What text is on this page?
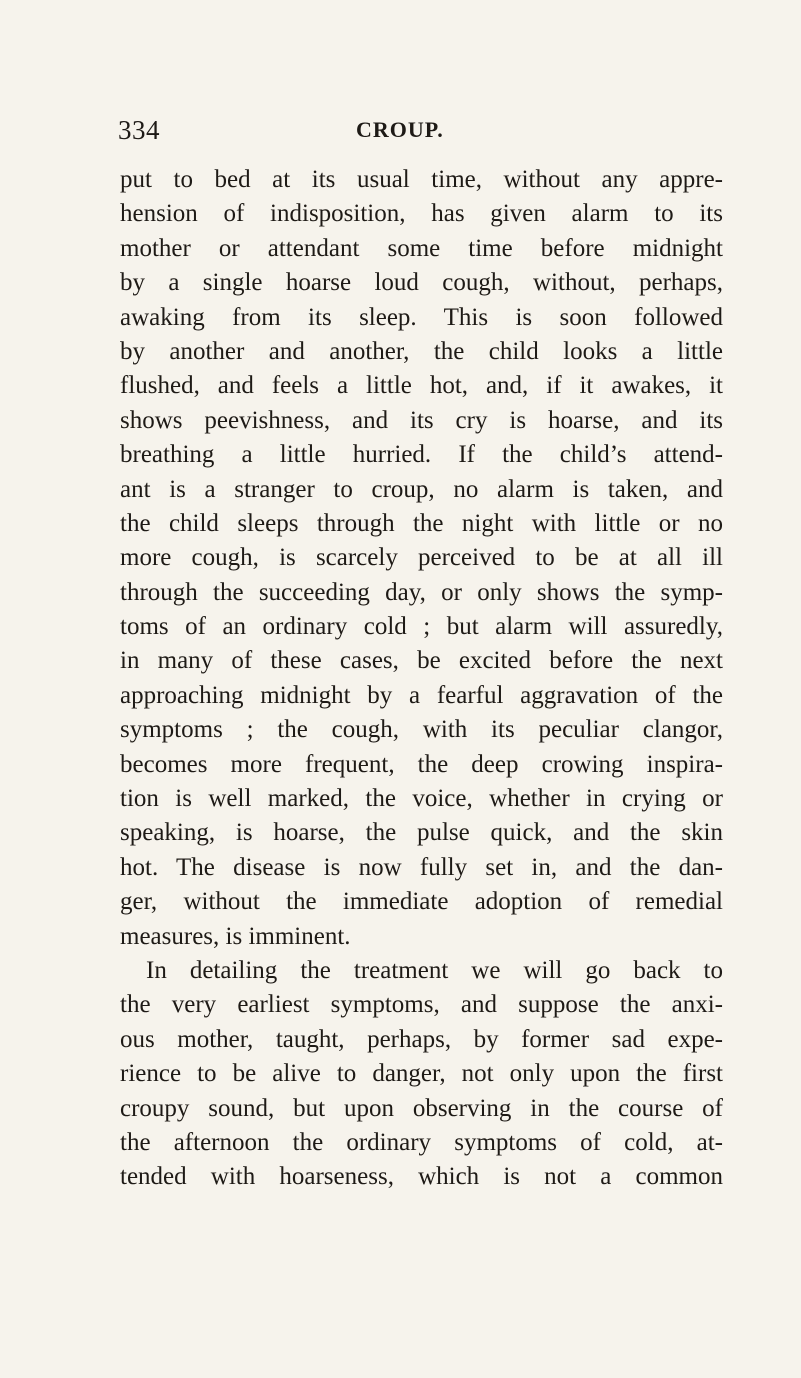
334	CROUP.
put to bed at its usual time, without any appre-
hension of indisposition, has given alarm to its
mother or attendant some time before midnight
by a single hoarse loud cough, without, perhaps,
awaking from its sleep. This is soon followed
by another and another, the child looks a little
flushed, and feels a little hot, and, if it awakes, it
shows peevishness, and its cry is hoarse, and its
breathing a little hurried. If the child’s attend-
ant is a stranger to croup, no alarm is taken, and
the child sleeps through the night with little or no
more cough, is scarcely perceived to be at all ill
through the succeeding day, or only shows the symp-
toms of an ordinary cold ; but alarm will assuredly,
in many of these cases, be excited before the next
approaching midnight by a fearful aggravation of the
symptoms ; the cough, with its peculiar clangor,
becomes more frequent, the deep crowing inspira-
tion is well marked, the voice, whether in crying or
speaking, is hoarse, the pulse quick, and the skin
hot. The disease is now fully set in, and the dan-
ger, without the immediate adoption of remedial
measures, is imminent.
In detailing the treatment we will go back to
the very earliest symptoms, and suppose the anxi-
ous mother, taught, perhaps, by former sad expe-
rience to be alive to danger, not only upon the first
croupy sound, but upon observing in the course of
the afternoon the ordinary symptoms of cold, at-
tended with hoarseness, which is not a common
